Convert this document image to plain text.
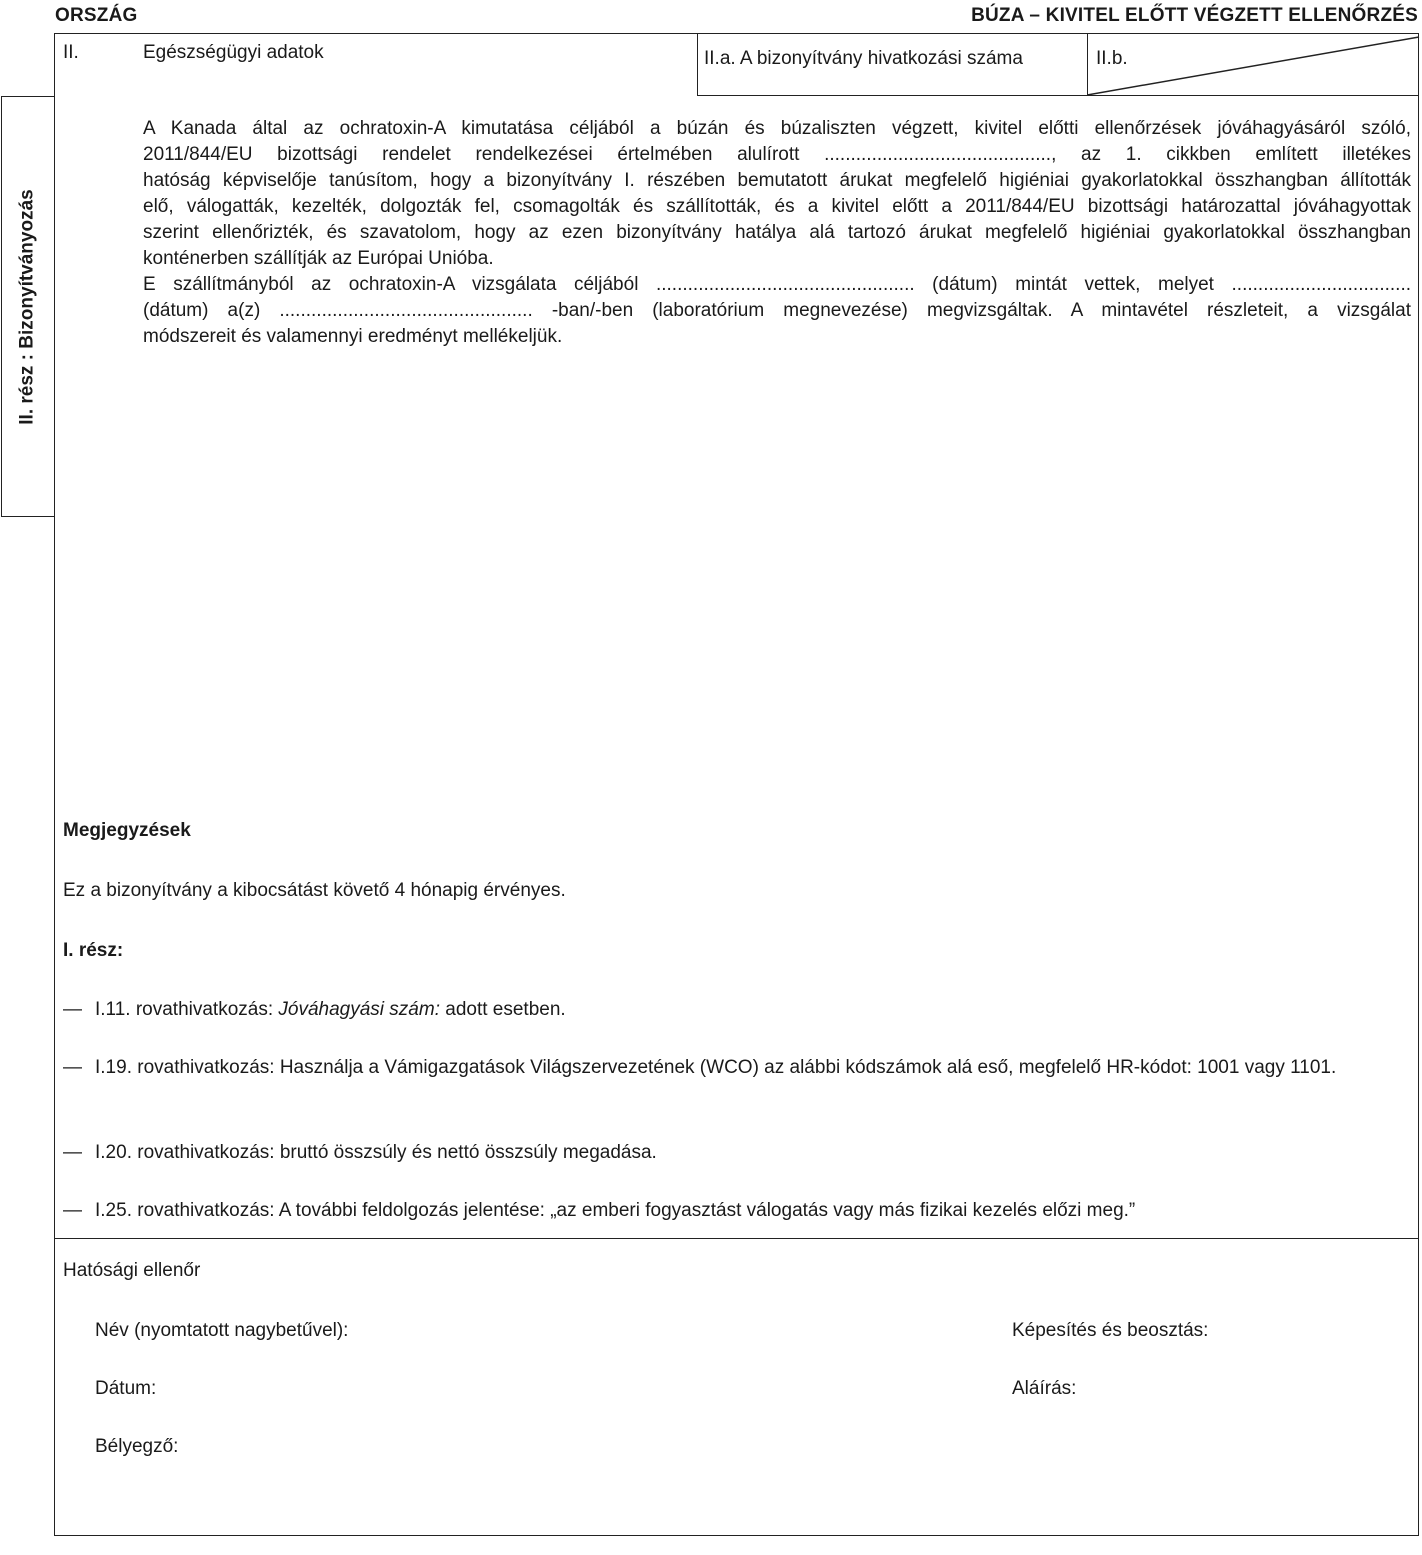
ORSZÁG	BÚZA – KIVITEL ELŐTT VÉGZETT ELLENŐRZÉS
II.	Egészségügyi adatok	II.a. A bizonyítvány hivatkozási száma	II.b.
II. rész : Bizonyítványozás

A Kanada által az ochratoxin-A kimutatása céljából a búzán és búzaliszten végzett, kivitel előtti ellenőrzések jóváhagyásáról szóló,

2011/844/EU bizottsági rendelet rendelkezései értelmében alulírott ..........................................., az 1. cikkben említett illetékes

hatóság képviselője tanúsítom, hogy a bizonyítvány I. részében bemutatott árukat megfelelő higiéniai gyakorlatokkal összhangban állították

elő, válogatták, kezelték, dolgozták fel, csomagolták és szállították, és a kivitel előtt a 2011/844/EU bizottsági határozattal jóváhagyottak

szerint ellenőrizték, és szavatolom, hogy az ezen bizonyítvány hatálya alá tartozó árukat megfelelő higiéniai gyakorlatokkal összhangban

konténerben szállítják az Európai Unióba.

E szállítmányból az ochratoxin-A vizsgálata céljából ................................................. (dátum) mintát vettek, melyet ..................................

(dátum) a(z) ................................................ -ban/-ben (laboratórium megnevezése) megvizsgáltak. A mintavétel részleteit, a vizsgálat

módszereit és valamennyi eredményt mellékeljük.

Megjegyzések
Ez a bizonyítvány a kibocsátást követő 4 hónapig érvényes.
I. rész:
— I.11. rovathivatkozás: Jóváhagyási szám: adott esetben.
— I.19. rovathivatkozás: Használja a Vámigazgatások Világszervezetének (WCO) az alábbi kódszámok alá eső, megfelelő HR-kódot: 1001 vagy 1101.
— I.20. rovathivatkozás: bruttó összsúly és nettó összsúly megadása.
— I.25. rovathivatkozás: A további feldolgozás jelentése: „az emberi fogyasztást válogatás vagy más fizikai kezelés előzi meg.”
Hatósági ellenőr
Név (nyomtatott nagybetűvel):	Képesítés és beosztás:
Dátum:	Aláírás:
Bélyegző:
